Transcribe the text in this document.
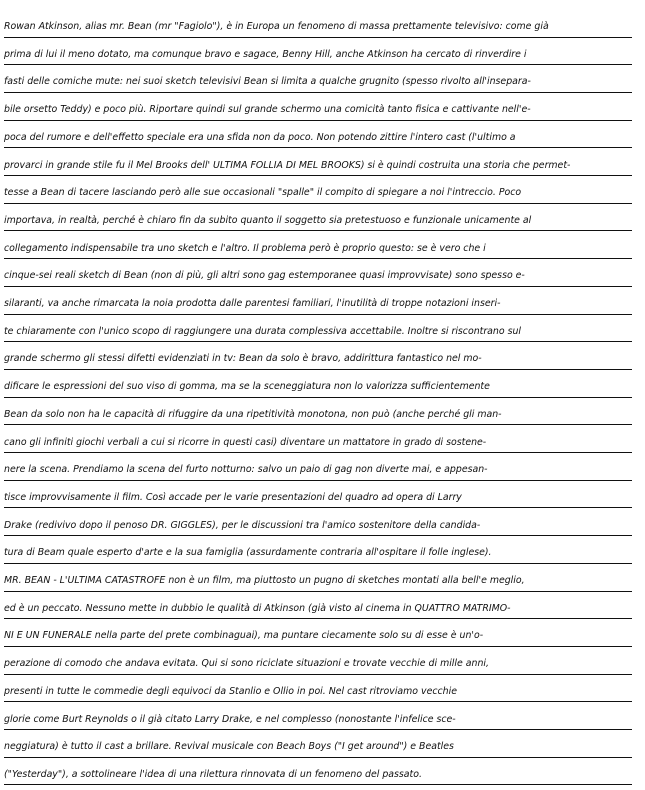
Rowan Atkinson, alias mr. Bean (mr "Fagiolo"), è in Europa un fenomeno di massa prettamente televisivo: come già
prima di lui il meno dotato, ma comunque bravo e sagace, Benny Hill, anche Atkinson ha cercato di rinverdire i
fasti delle comiche mute: nei suoi sketch televisivi Bean si limita a qualche grugnito (spesso rivolto all'insepara-
bile orsetto Teddy) e poco più. Riportare quindi sul grande schermo una comicità tanto fisica e cattivante nell'e-
poca del rumore e dell'effetto speciale era una sfida non da poco. Non potendo zittire l'intero cast (l'ultimo a
provarci in grande stile fu il Mel Brooks dell' ULTIMA FOLLIA DI MEL BROOKS) si è quindi costruita una storia che permet-
tesse a Bean di tacere lasciando però alle sue occasionali "spalle" il compito di spiegare a noi l'intreccio. Poco
importava, in realtà, perché è chiaro fin da subito quanto il soggetto sia pretestuoso e funzionale unicamente al
collegamento indispensabile tra uno sketch e l'altro. Il problema però è proprio questo: se è vero che i
cinque-sei reali sketch di Bean (non di più, gli altri sono gag estemporanee quasi improvvisate) sono spesso e-
silaranti, va anche rimarcata la noia prodotta dalle parentesi familiari, l'inutilità di troppe notazioni inseri-
te chiaramente con l'unico scopo di raggiungere una durata complessiva accettabile. Inoltre si riscontrano sul
grande schermo gli stessi difetti evidenziati in tv: Bean da solo è bravo, addirittura fantastico nel mo-
dificare le espressioni del suo viso di gomma, ma se la sceneggiatura non lo valorizza sufficientemente
Bean da solo non ha le capacità di rifuggire da una ripetitività monotona, non può (anche perché gli man-
cano gli infiniti giochi verbali a cui si ricorre in questi casi) diventare un mattatore in grado di sostene-
nere la scena. Prendiamo la scena del furto notturno: salvo un paio di gag non diverte mai, e appesan-
tisce improvvisamente il film. Così accade per le varie presentazioni del quadro ad opera di Larry
Drake (redivivo dopo il penoso DR. GIGGLES), per le discussioni tra l'amico sostenitore della candida-
tura di Beam quale esperto d'arte e la sua famiglia (assurdamente contraria all'ospitare il folle inglese).
MR. BEAN - L'ULTIMA CATASTROFE non è un film, ma piuttosto un pugno di sketches montati alla bell'e meglio,
ed è un peccato. Nessuno mette in dubbio le qualità di Atkinson (già visto al cinema in QUATTRO MATRIMO-
NI E UN FUNERALE nella parte del prete combinaguai), ma puntare ciecamente solo su di esse è un'o-
perazione di comodo che andava evitata. Qui si sono riciclate situazioni e trovate vecchie di mille anni,
presenti in tutte le commedie degli equivoci da Stanlio e Ollio in poi. Nel cast ritroviamo vecchie
glorie come Burt Reynolds o il già citato Larry Drake, e nel complesso (nonostante l'infelice sce-
neggiatura) è tutto il cast a brillare. Revival musicale con Beach Boys ("I get around") e Beatles
("Yesterday"), a sottolineare l'idea di una rilettura rinnovata di un fenomeno del passato.
